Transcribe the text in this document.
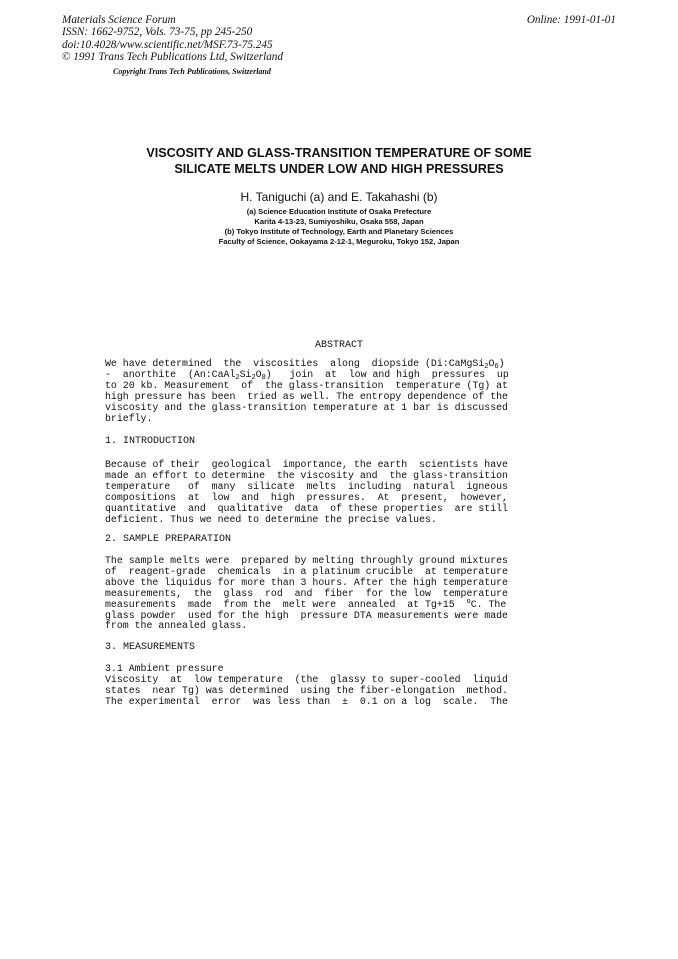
Materials Science Forum
ISSN: 1662-9752, Vols. 73-75, pp 245-250
doi:10.4028/www.scientific.net/MSF.73-75.245
© 1991 Trans Tech Publications Ltd, Switzerland
Copyright Trans Tech Publications, Switzerland
Online: 1991-01-01
VISCOSITY AND GLASS-TRANSITION TEMPERATURE OF SOME
SILICATE MELTS UNDER LOW AND HIGH PRESSURES
H. Taniguchi (a) and E. Takahashi (b)
(a) Science Education Institute of Osaka Prefecture
Karita 4-13-23, Sumiyoshiku, Osaka 558, Japan
(b) Tokyo Institute of Technology, Earth and Planetary Sciences
Faculty of Science, Ookayama 2-12-1, Meguroku, Tokyo 152, Japan
ABSTRACT
We have determined  the  viscosities  along  diopside $(Di:CaMgSi_2O_6)$
-  anorthite  $(An:CaAl_2Si_2O_8)$   join  at  low and high  pressures  up
to 20 kb. Measurement  of  the glass-transition  temperature (Tg) at
high pressure has been  tried as well. The entropy dependence of the
viscosity and the glass-transition temperature at 1 bar is discussed
briefly.
1. INTRODUCTION
Because of their  geological  importance, the earth  scientists have
made an effort to determine  the viscosity and  the glass-transition
temperature   of  many  silicate  melts  including  natural  igneous
compositions  at  low  and  high  pressures.  At  present,  however,
quantitative  and  qualitative  data  of these properties  are still
deficient. Thus we need to determine the precise values.
2. SAMPLE PREPARATION
The sample melts were  prepared by melting throughly ground mixtures
of  reagent-grade  chemicals  in a platinum crucible  at temperature
above the liquidus for more than 3 hours. After the high temperature
measurements,  the  glass  rod  and  fiber  for the low  temperature
measurements  made  from the  melt were  annealed  at Tg+15  $^o$C. The
glass powder  used for the high  pressure DTA measurements were made
from the annealed glass.
3. MEASUREMENTS
3.1 Ambient pressure
Viscosity  at  low temperature  (the  glassy to super-cooled  liquid
states  near Tg) was determined  using the fiber-elongation  method.
The experimental  error  was less than  ±  0.1 on a log  scale.  The
